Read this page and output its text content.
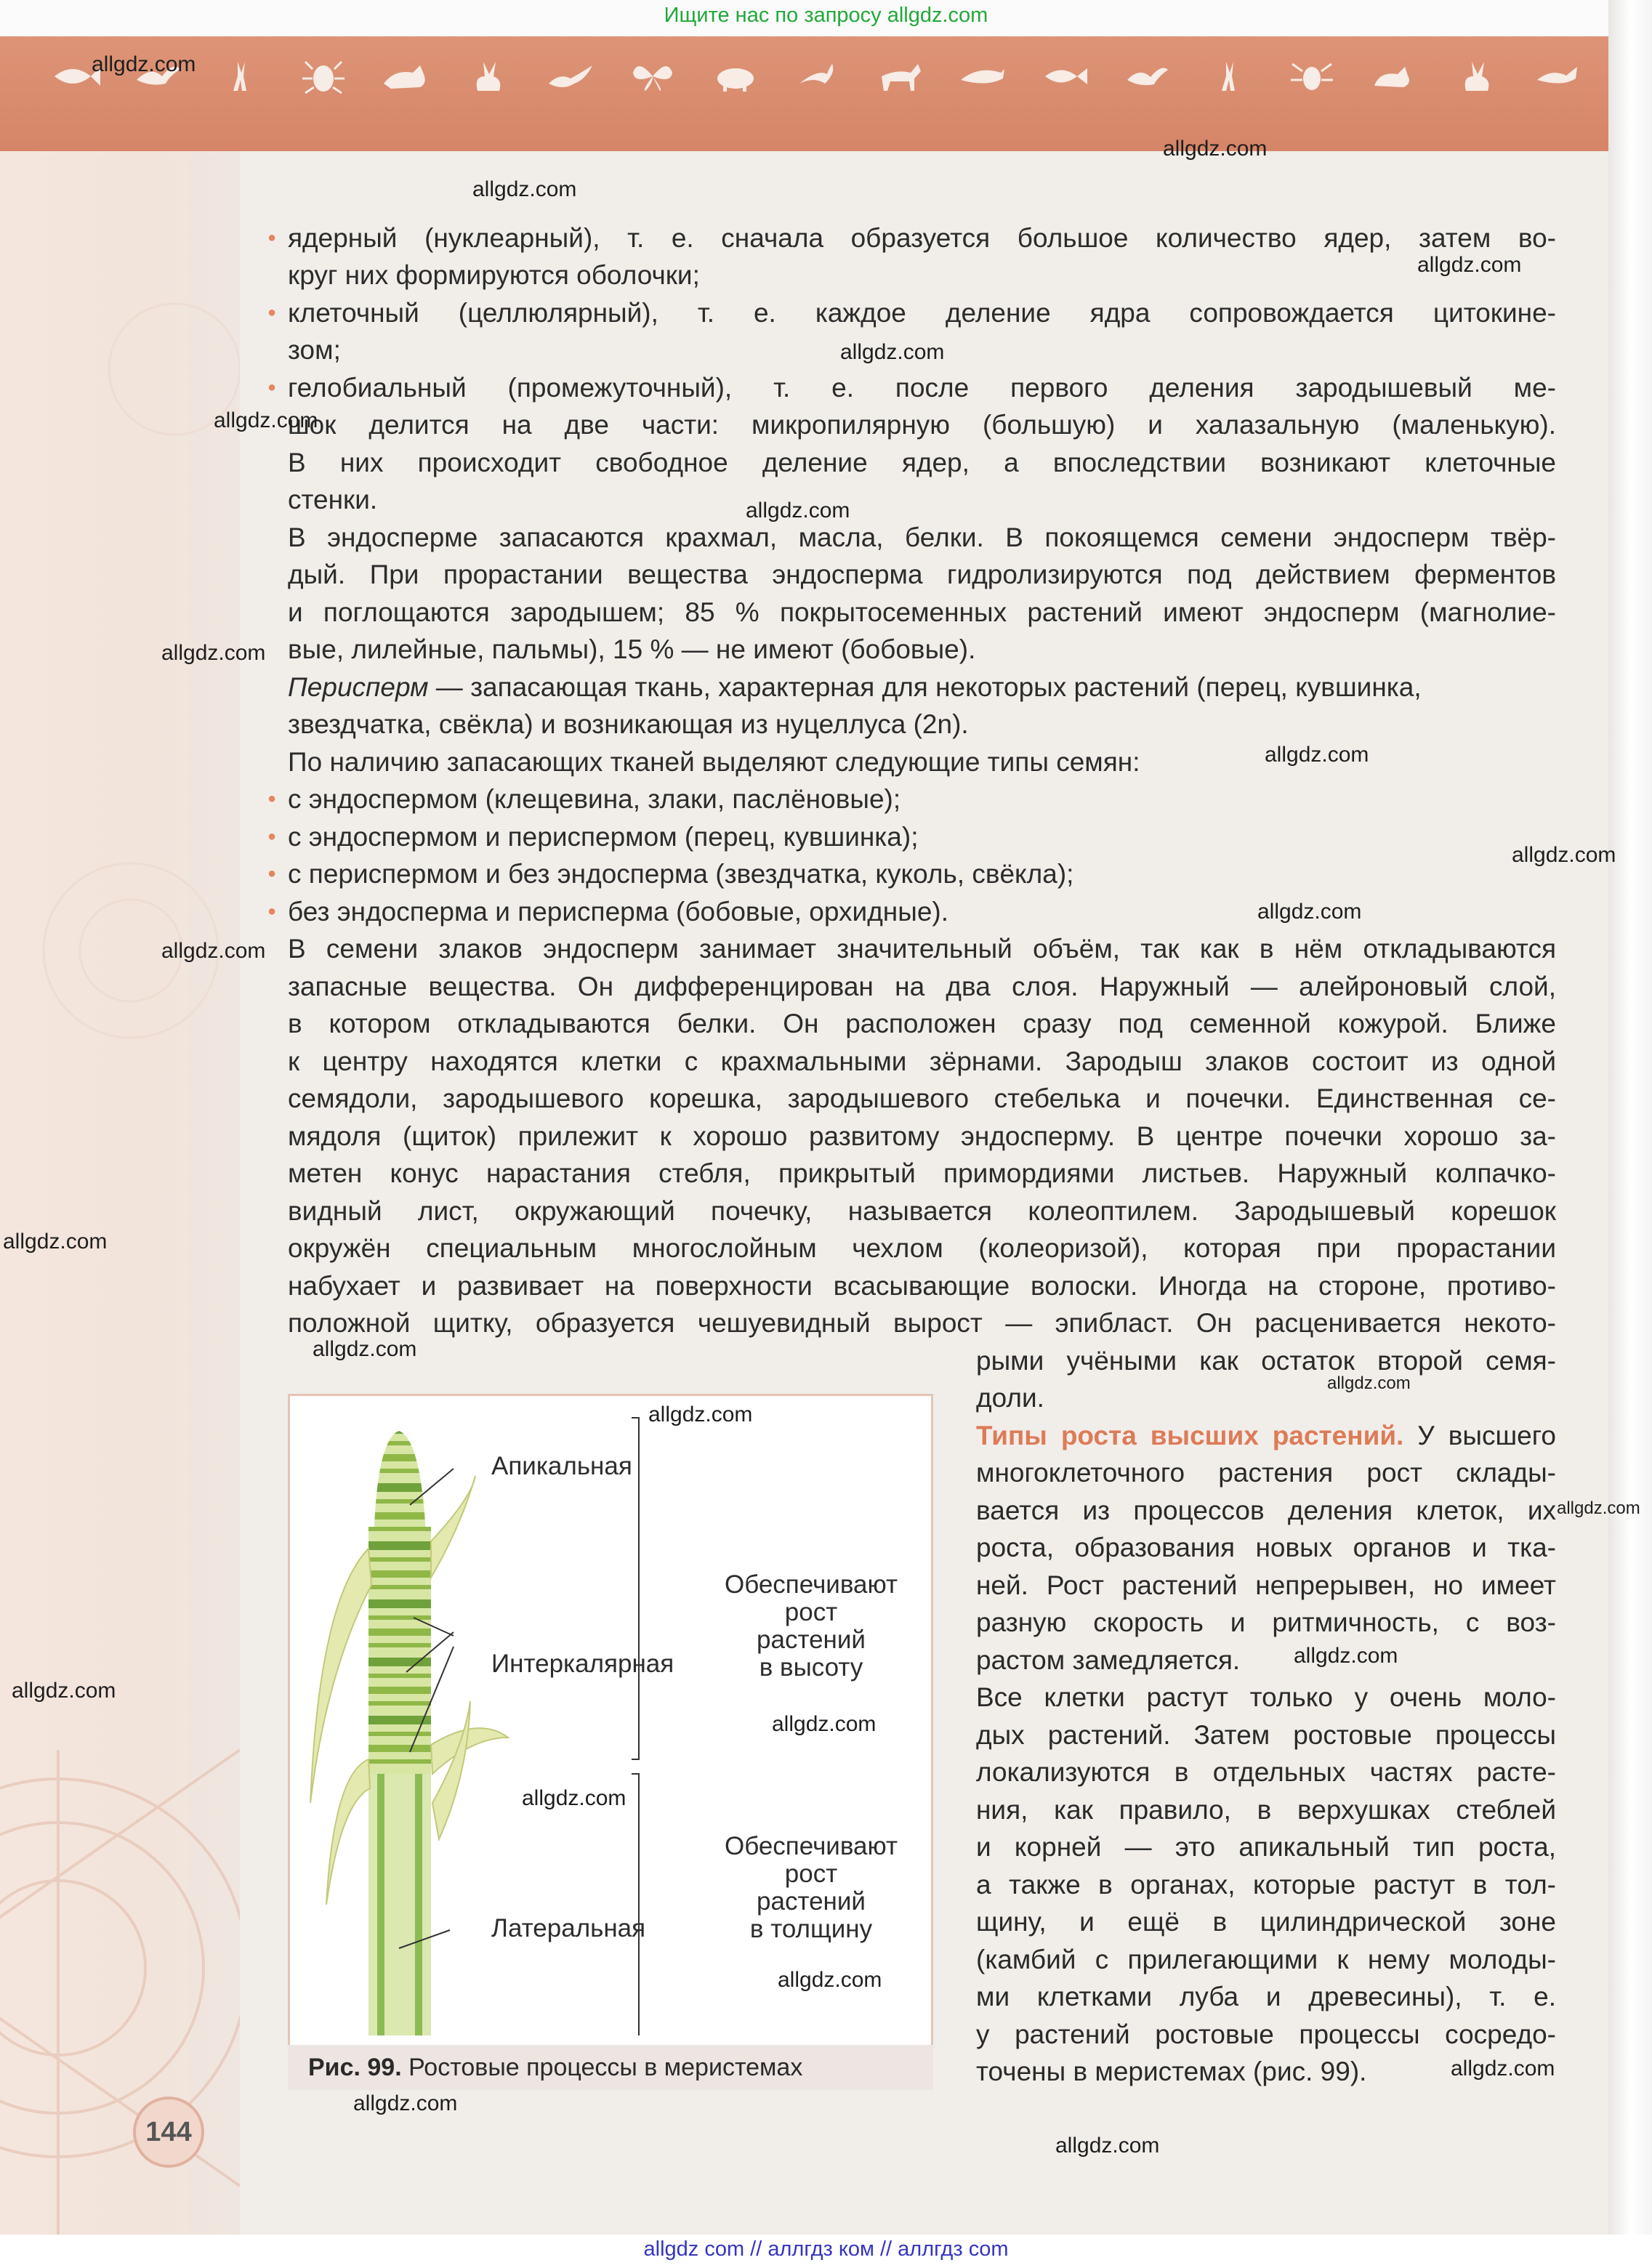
Ищите нас по запросу allgdz.com
● ядерный (нуклеарный), т. е. сначала образуется большое количество ядер, затем во-
круг них формируются оболочки;
● клеточный (целлюлярный), т. е. каждое деление ядра сопровождается цитокине-
зом;
● гелобиальный (промежуточный), т. е. после первого деления зародышевый ме-
шок делится на две части: микропилярную (большую) и халазальную (маленькую).
В них происходит свободное деление ядер, а впоследствии возникают клеточные
стенки.
В эндосперме запасаются крахмал, масла, белки. В покоящемся семени эндосперм твёр-
дый. При прорастании вещества эндосперма гидролизируются под действием ферментов
и поглощаются зародышем; 85 % покрытосеменных растений имеют эндосперм (магнолие-
вые, лилейные, пальмы), 15 % — не имеют (бобовые).
Перисперм — запасающая ткань, характерная для некоторых растений (перец, кувшинка,
звездчатка, свёкла) и возникающая из нуцеллуса (2n).
По наличию запасающих тканей выделяют следующие типы семян:
● с эндоспермом (клещевина, злаки, паслёновые);
● с эндоспермом и периспермом (перец, кувшинка);
● с периспермом и без эндосперма (звездчатка, куколь, свёкла);
● без эндосперма и перисперма (бобовые, орхидные).
В семени злаков эндосперм занимает значительный объём, так как в нём откладываются
запасные вещества. Он дифференцирован на два слоя. Наружный — алейроновый слой,
в котором откладываются белки. Он расположен сразу под семенной кожурой. Ближе
к центру находятся клетки с крахмальными зёрнами. Зародыш злаков состоит из одной
семядоли, зародышевого корешка, зародышевого стебелька и почечки. Единственная се-
мядоля (щиток) прилежит к хорошо развитому эндосперму. В центре почечки хорошо за-
метен конус нарастания стебля, прикрытый примордиями листьев. Наружный колпачко-
видный лист, окружающий почечку, называется колеоптилем. Зародышевый корешок
окружён специальным многослойным чехлом (колеоризой), которая при прорастании
набухает и развивает на поверхности всасывающие волоски. Иногда на стороне, противо-
положной щитку, образуется чешуевидный вырост — эпибласт. Он расценивается некото-
рыми учёными как остаток второй семя-
доли.
Типы роста высших растений. У высшего
многоклеточного растения рост склады-
вается из процессов деления клеток, их
роста, образования новых органов и тка-
ней. Рост растений непрерывен, но имеет
разную скорость и ритмичность, с воз-
растом замедляется.
Все клетки растут только у очень моло-
дых растений. Затем ростовые процессы
локализуются в отдельных частях расте-
ния, как правило, в верхушках стеблей
и корней — это апикальный тип роста,
а также в органах, которые растут в тол-
щину, и ещё в цилиндрической зоне
(камбий с прилегающими к нему молоды-
ми клетками луба и древесины), т. е.
у растений ростовые процессы сосредо-
точены в меристемах (рис. 99).
Апикальная
Интеркалярная
Латеральная
Обеспечивают
рост
растений
в высоту
Обеспечивают
рост
растений
в толщину
Рис. 99. Ростовые процессы в меристемах
144
allgdz.com
allgdz.com
allgdz.com
allgdz.com
allgdz.com
allgdz.com
allgdz.com
allgdz.com
allgdz.com
allgdz.com
allgdz.com
allgdz.com
allgdz.com
allgdz.com
allgdz.com
allgdz.com
allgdz.com
allgdz.com
allgdz.com
allgdz.com
allgdz.com
allgdz.com
allgdz.com
allgdz.com
allgdz.com
allgdz com // аллгдз ком // аллгдз com
